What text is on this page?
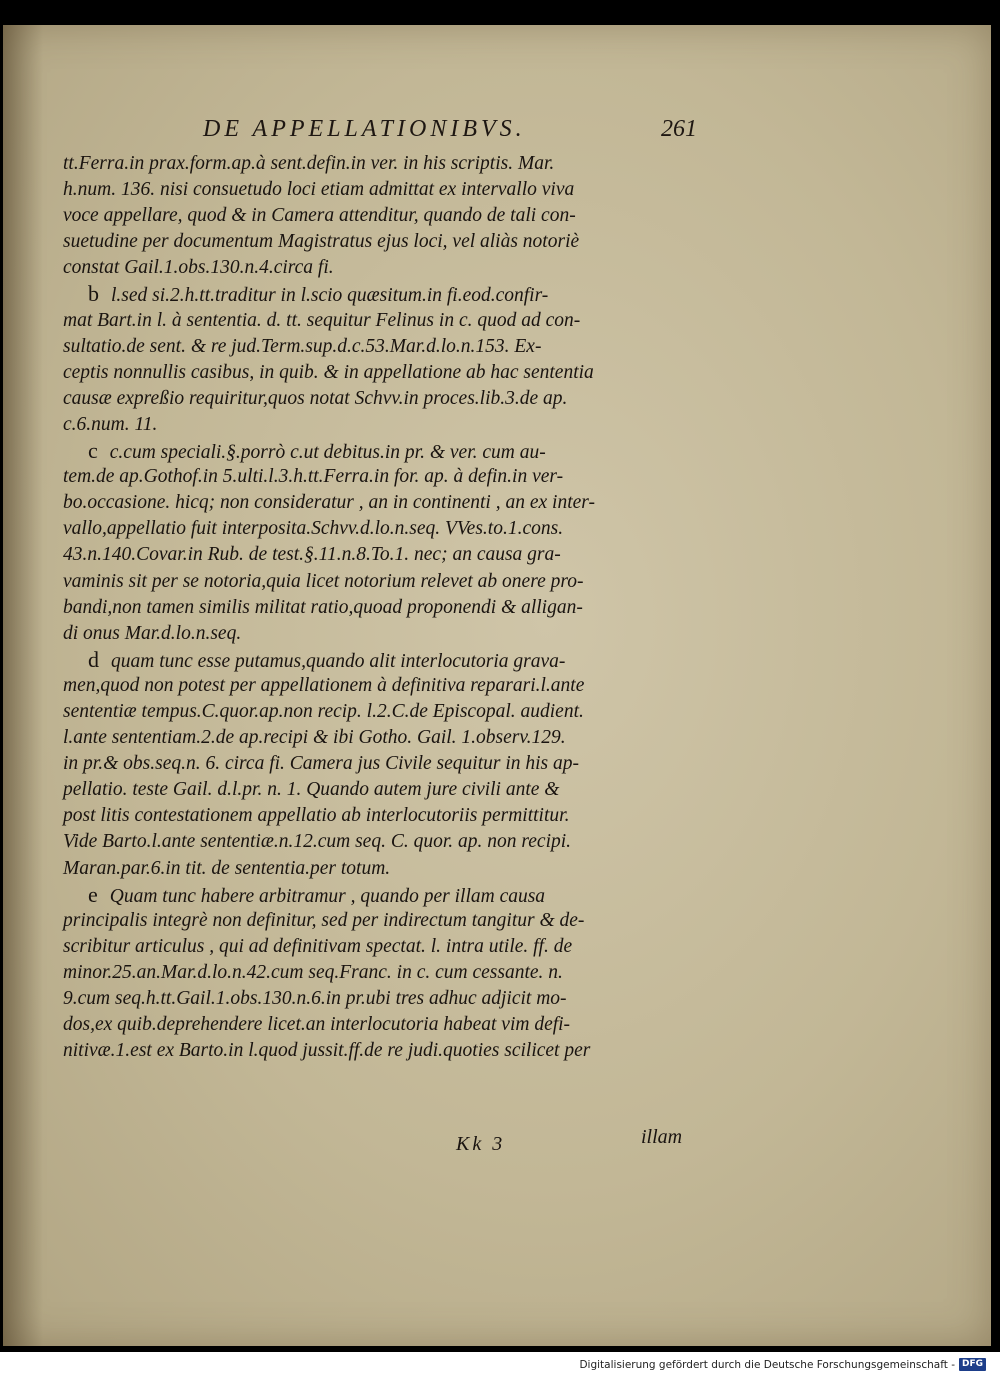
DE APPELLATIONIBVS.	261
tt.Ferra.in prax.form.ap.à sent.defin.in ver. in his scriptis. Mar.
h.num. 136. nisi consuetudo loci etiam admittat ex intervallo viva
voce appellare, quod & in Camera attenditur, quando de tali con-
suetudine per documentum Magistratus ejus loci, vel aliàs notoriè
constat Gail.1.obs.130.n.4.circa fi.
b l.sed si.2.h.tt.traditur in l.scio quæsitum.in fi.eod.confir-
mat Bart.in l. à sententia. d. tt. sequitur Felinus in c. quod ad con-
sultatio.de sent. & re jud.Term.sup.d.c.53.Mar.d.lo.n.153. Ex-
ceptis nonnullis casibus, in quib. & in appellatione ab hac sententia
causæ expreßio requiritur,quos notat Schvv.in proces.lib.3.de ap.
c.6.num. 11.
c c.cum speciali.§.porrò c.ut debitus.in pr. & ver. cum au-
tem.de ap.Gothof.in 5.ulti.l.3.h.tt.Ferra.in for. ap. à defin.in ver-
bo.occasione. hicq; non consideratur , an in continenti , an ex inter-
vallo,appellatio fuit interposita.Schvv.d.lo.n.seq. VVes.to.1.cons.
43.n.140.Covar.in Rub. de test.§.11.n.8.To.1. nec; an causa gra-
vaminis sit per se notoria,quia licet notorium relevet ab onere pro-
bandi,non tamen similis militat ratio,quoad proponendi & alligan-
di onus Mar.d.lo.n.seq.
d quam tunc esse putamus,quando alit interlocutoria grava-
men,quod non potest per appellationem à definitiva reparari.l.ante
sententiæ tempus.C.quor.ap.non recip. l.2.C.de Episcopal. audient.
l.ante sententiam.2.de ap.recipi & ibi Gotho. Gail. 1.observ.129.
in pr.& obs.seq.n. 6. circa fi. Camera jus Civile sequitur in his ap-
pellatio. teste Gail. d.l.pr. n. 1. Quando autem jure civili ante &
post litis contestationem appellatio ab interlocutoriis permittitur.
Vide Barto.l.ante sententiæ.n.12.cum seq. C. quor. ap. non recipi.
Maran.par.6.in tit. de sententia.per totum.
e Quam tunc habere arbitramur , quando per illam causa
principalis integrè non definitur, sed per indirectum tangitur & de-
scribitur articulus , qui ad definitivam spectat. l. intra utile. ff. de
minor.25.an.Mar.d.lo.n.42.cum seq.Franc. in c. cum cessante. n.
9.cum seq.h.tt.Gail.1.obs.130.n.6.in pr.ubi tres adhuc adjicit mo-
dos,ex quib.deprehendere licet.an interlocutoria habeat vim defi-
nitivæ.1.est ex Barto.in l.quod jussit.ff.de re judi.quoties scilicet per
Kk 3	illam
Digitalisierung gefördert durch die Deutsche Forschungsgemeinschaft - DFG
